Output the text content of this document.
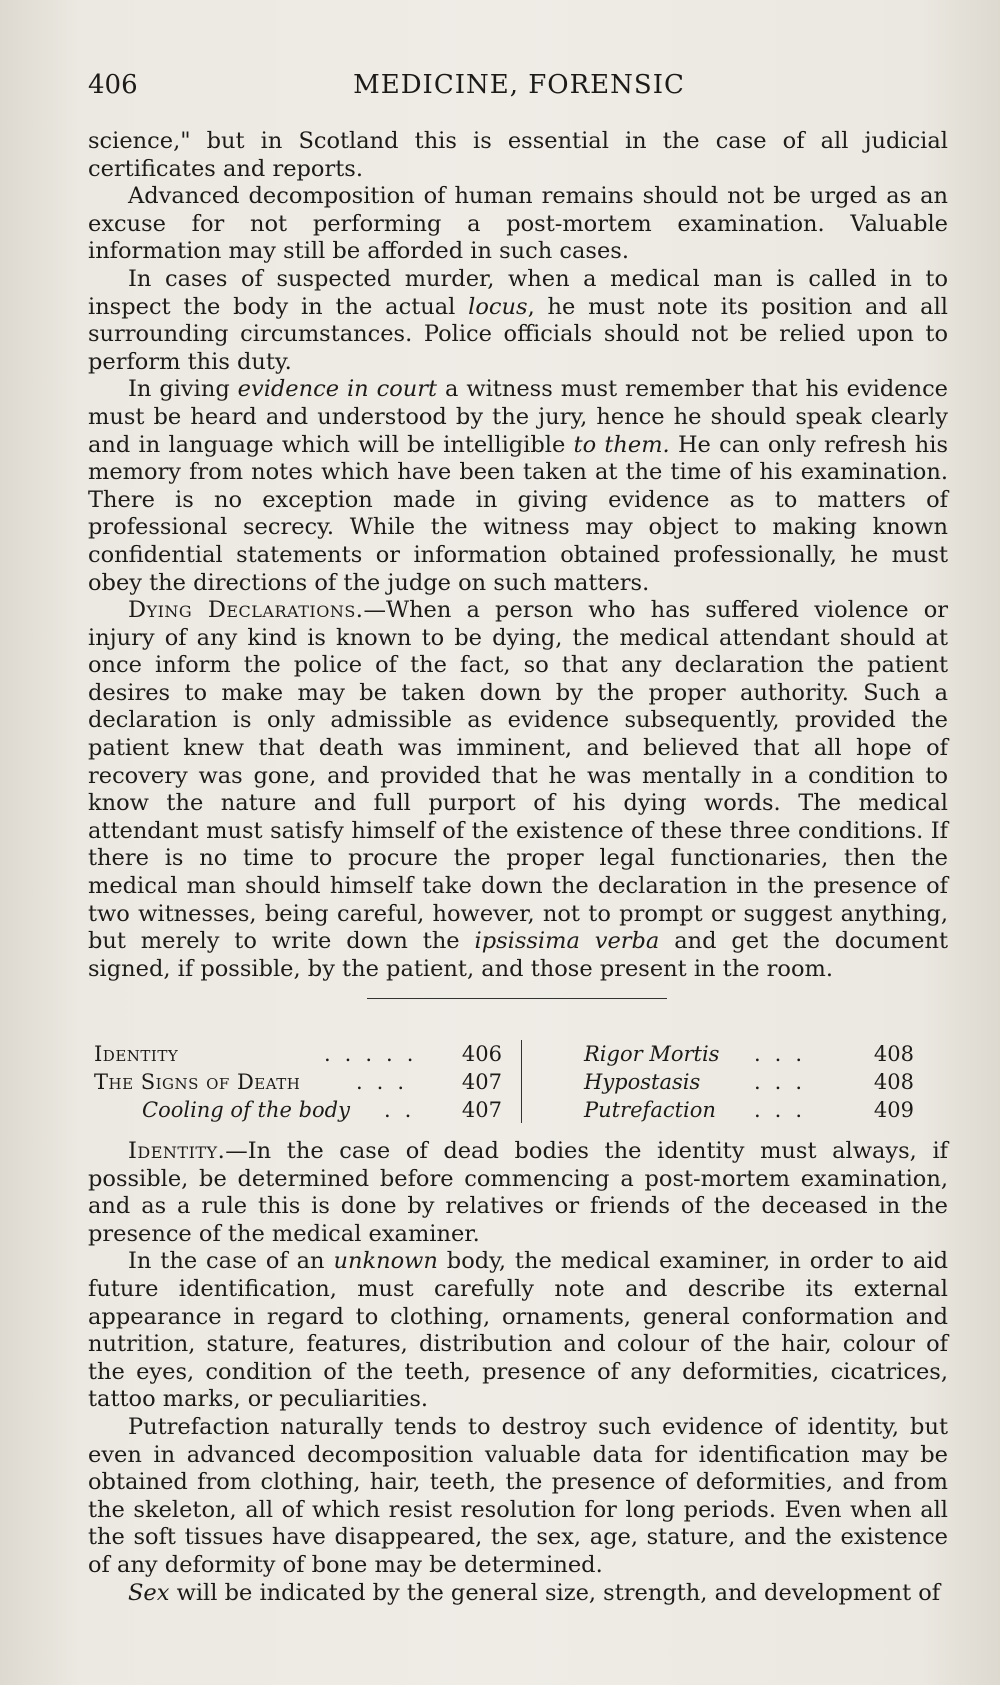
406	MEDICINE, FORENSIC

science," but in Scotland this is essential in the case of all judicial certificates and reports.

Advanced decomposition of human remains should not be urged as an excuse for not performing a post-mortem examination. Valuable information may still be afforded in such cases.

In cases of suspected murder, when a medical man is called in to inspect the body in the actual locus, he must note its position and all surrounding circumstances. Police officials should not be relied upon to perform this duty.

In giving evidence in court a witness must remember that his evidence must be heard and understood by the jury, hence he should speak clearly and in language which will be intelligible to them. He can only refresh his memory from notes which have been taken at the time of his examination. There is no exception made in giving evidence as to matters of professional secrecy. While the witness may object to making known confidential statements or information obtained professionally, he must obey the directions of the judge on such matters.

Dying Declarations.—When a person who has suffered violence or injury of any kind is known to be dying, the medical attendant should at once inform the police of the fact, so that any declaration the patient desires to make may be taken down by the proper authority. Such a declaration is only admissible as evidence subsequently, provided the patient knew that death was imminent, and believed that all hope of recovery was gone, and provided that he was mentally in a condition to know the nature and full purport of his dying words. The medical attendant must satisfy himself of the existence of these three conditions. If there is no time to procure the proper legal functionaries, then the medical man should himself take down the declaration in the presence of two witnesses, being careful, however, not to prompt or suggest anything, but merely to write down the ipsissima verba and get the document signed, if possible, by the patient, and those present in the room.

Identity	..... 406
The Signs of Death	... 407
Cooling of the body .. 407
Rigor Mortis ...	408
Hypostasis	...	408
Putrefaction ...	409

Identity.—In the case of dead bodies the identity must always, if possible, be determined before commencing a post-mortem examination, and as a rule this is done by relatives or friends of the deceased in the presence of the medical examiner.

In the case of an unknown body, the medical examiner, in order to aid future identification, must carefully note and describe its external appearance in regard to clothing, ornaments, general conformation and nutrition, stature, features, distribution and colour of the hair, colour of the eyes, condition of the teeth, presence of any deformities, cicatrices, tattoo marks, or peculiarities.

Putrefaction naturally tends to destroy such evidence of identity, but even in advanced decomposition valuable data for identification may be obtained from clothing, hair, teeth, the presence of deformities, and from the skeleton, all of which resist resolution for long periods. Even when all the soft tissues have disappeared, the sex, age, stature, and the existence of any deformity of bone may be determined.

Sex will be indicated by the general size, strength, and development of
